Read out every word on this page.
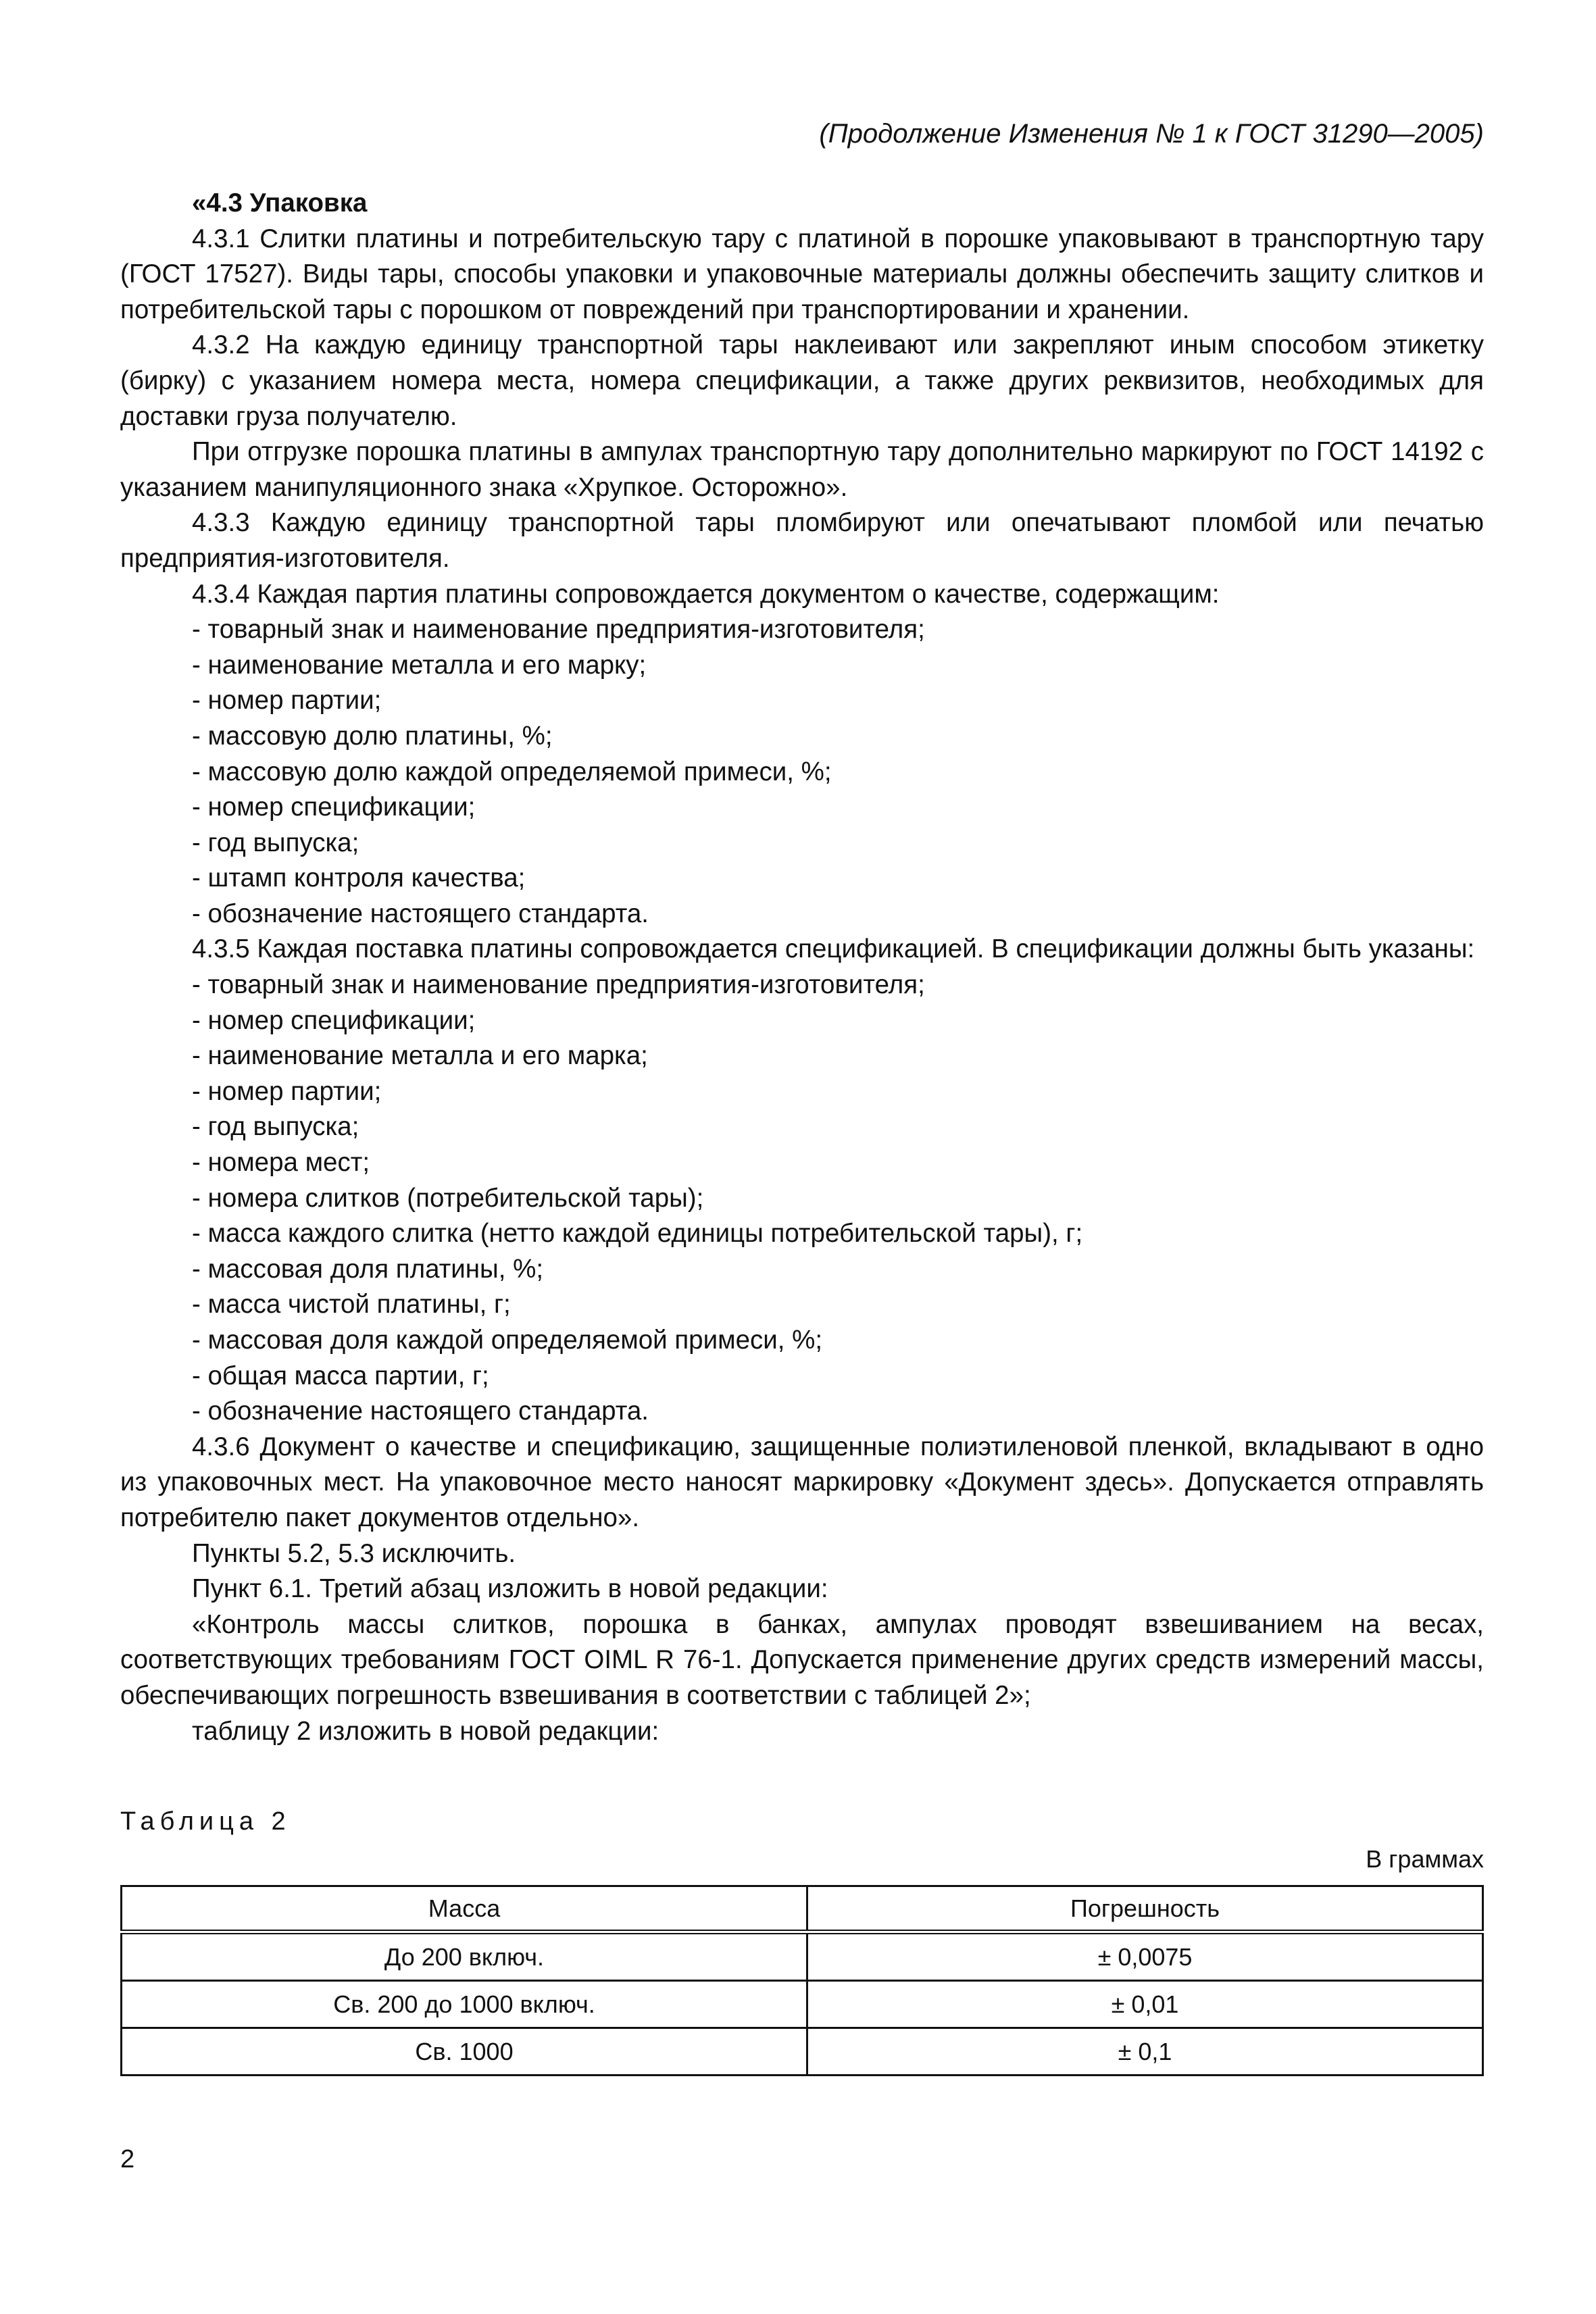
(Продолжение Изменения № 1 к ГОСТ 31290—2005)

«4.3 Упаковка

4.3.1 Слитки платины и потребительскую тару с платиной в порошке упаковывают в транспортную тару (ГОСТ 17527). Виды тары, способы упаковки и упаковочные материалы должны обеспечить защиту слитков и потребительской тары с порошком от повреждений при транспортировании и хранении.

4.3.2 На каждую единицу транспортной тары наклеивают или закрепляют иным способом этикетку (бирку) с указанием номера места, номера спецификации, а также других реквизитов, необходимых для доставки груза получателю.

При отгрузке порошка платины в ампулах транспортную тару дополнительно маркируют по ГОСТ 14192 с указанием манипуляционного знака «Хрупкое. Осторожно».

4.3.3 Каждую единицу транспортной тары пломбируют или опечатывают пломбой или печатью предприятия-изготовителя.

4.3.4 Каждая партия платины сопровождается документом о качестве, содержащим:

- товарный знак и наименование предприятия-изготовителя;

- наименование металла и его марку;

- номер партии;

- массовую долю платины, %;

- массовую долю каждой определяемой примеси, %;

- номер спецификации;

- год выпуска;

- штамп контроля качества;

- обозначение настоящего стандарта.

4.3.5 Каждая поставка платины сопровождается спецификацией. В спецификации должны быть указаны:

- товарный знак и наименование предприятия-изготовителя;

- номер спецификации;

- наименование металла и его марка;

- номер партии;

- год выпуска;

- номера мест;

- номера слитков (потребительской тары);

- масса каждого слитка (нетто каждой единицы потребительской тары), г;

- массовая доля платины, %;

- масса чистой платины, г;

- массовая доля каждой определяемой примеси, %;

- общая масса партии, г;

- обозначение настоящего стандарта.

4.3.6 Документ о качестве и спецификацию, защищенные полиэтиленовой пленкой, вкладывают в одно из упаковочных мест. На упаковочное место наносят маркировку «Документ здесь». Допускается отправлять потребителю пакет документов отдельно».

Пункты 5.2, 5.3 исключить.

Пункт 6.1. Третий абзац изложить в новой редакции:

«Контроль массы слитков, порошка в банках, ампулах проводят взвешиванием на весах, соответствующих требованиям ГОСТ OIML R 76-1. Допускается применение других средств измерений массы, обеспечивающих погрешность взвешивания в соответствии с таблицей 2»;

таблицу 2 изложить в новой редакции:

Таблица 2
В граммах
Масса	Погрешность
До 200 включ.	± 0,0075
Св. 200 до 1000 включ.	± 0,01
Св. 1000	± 0,1
2
